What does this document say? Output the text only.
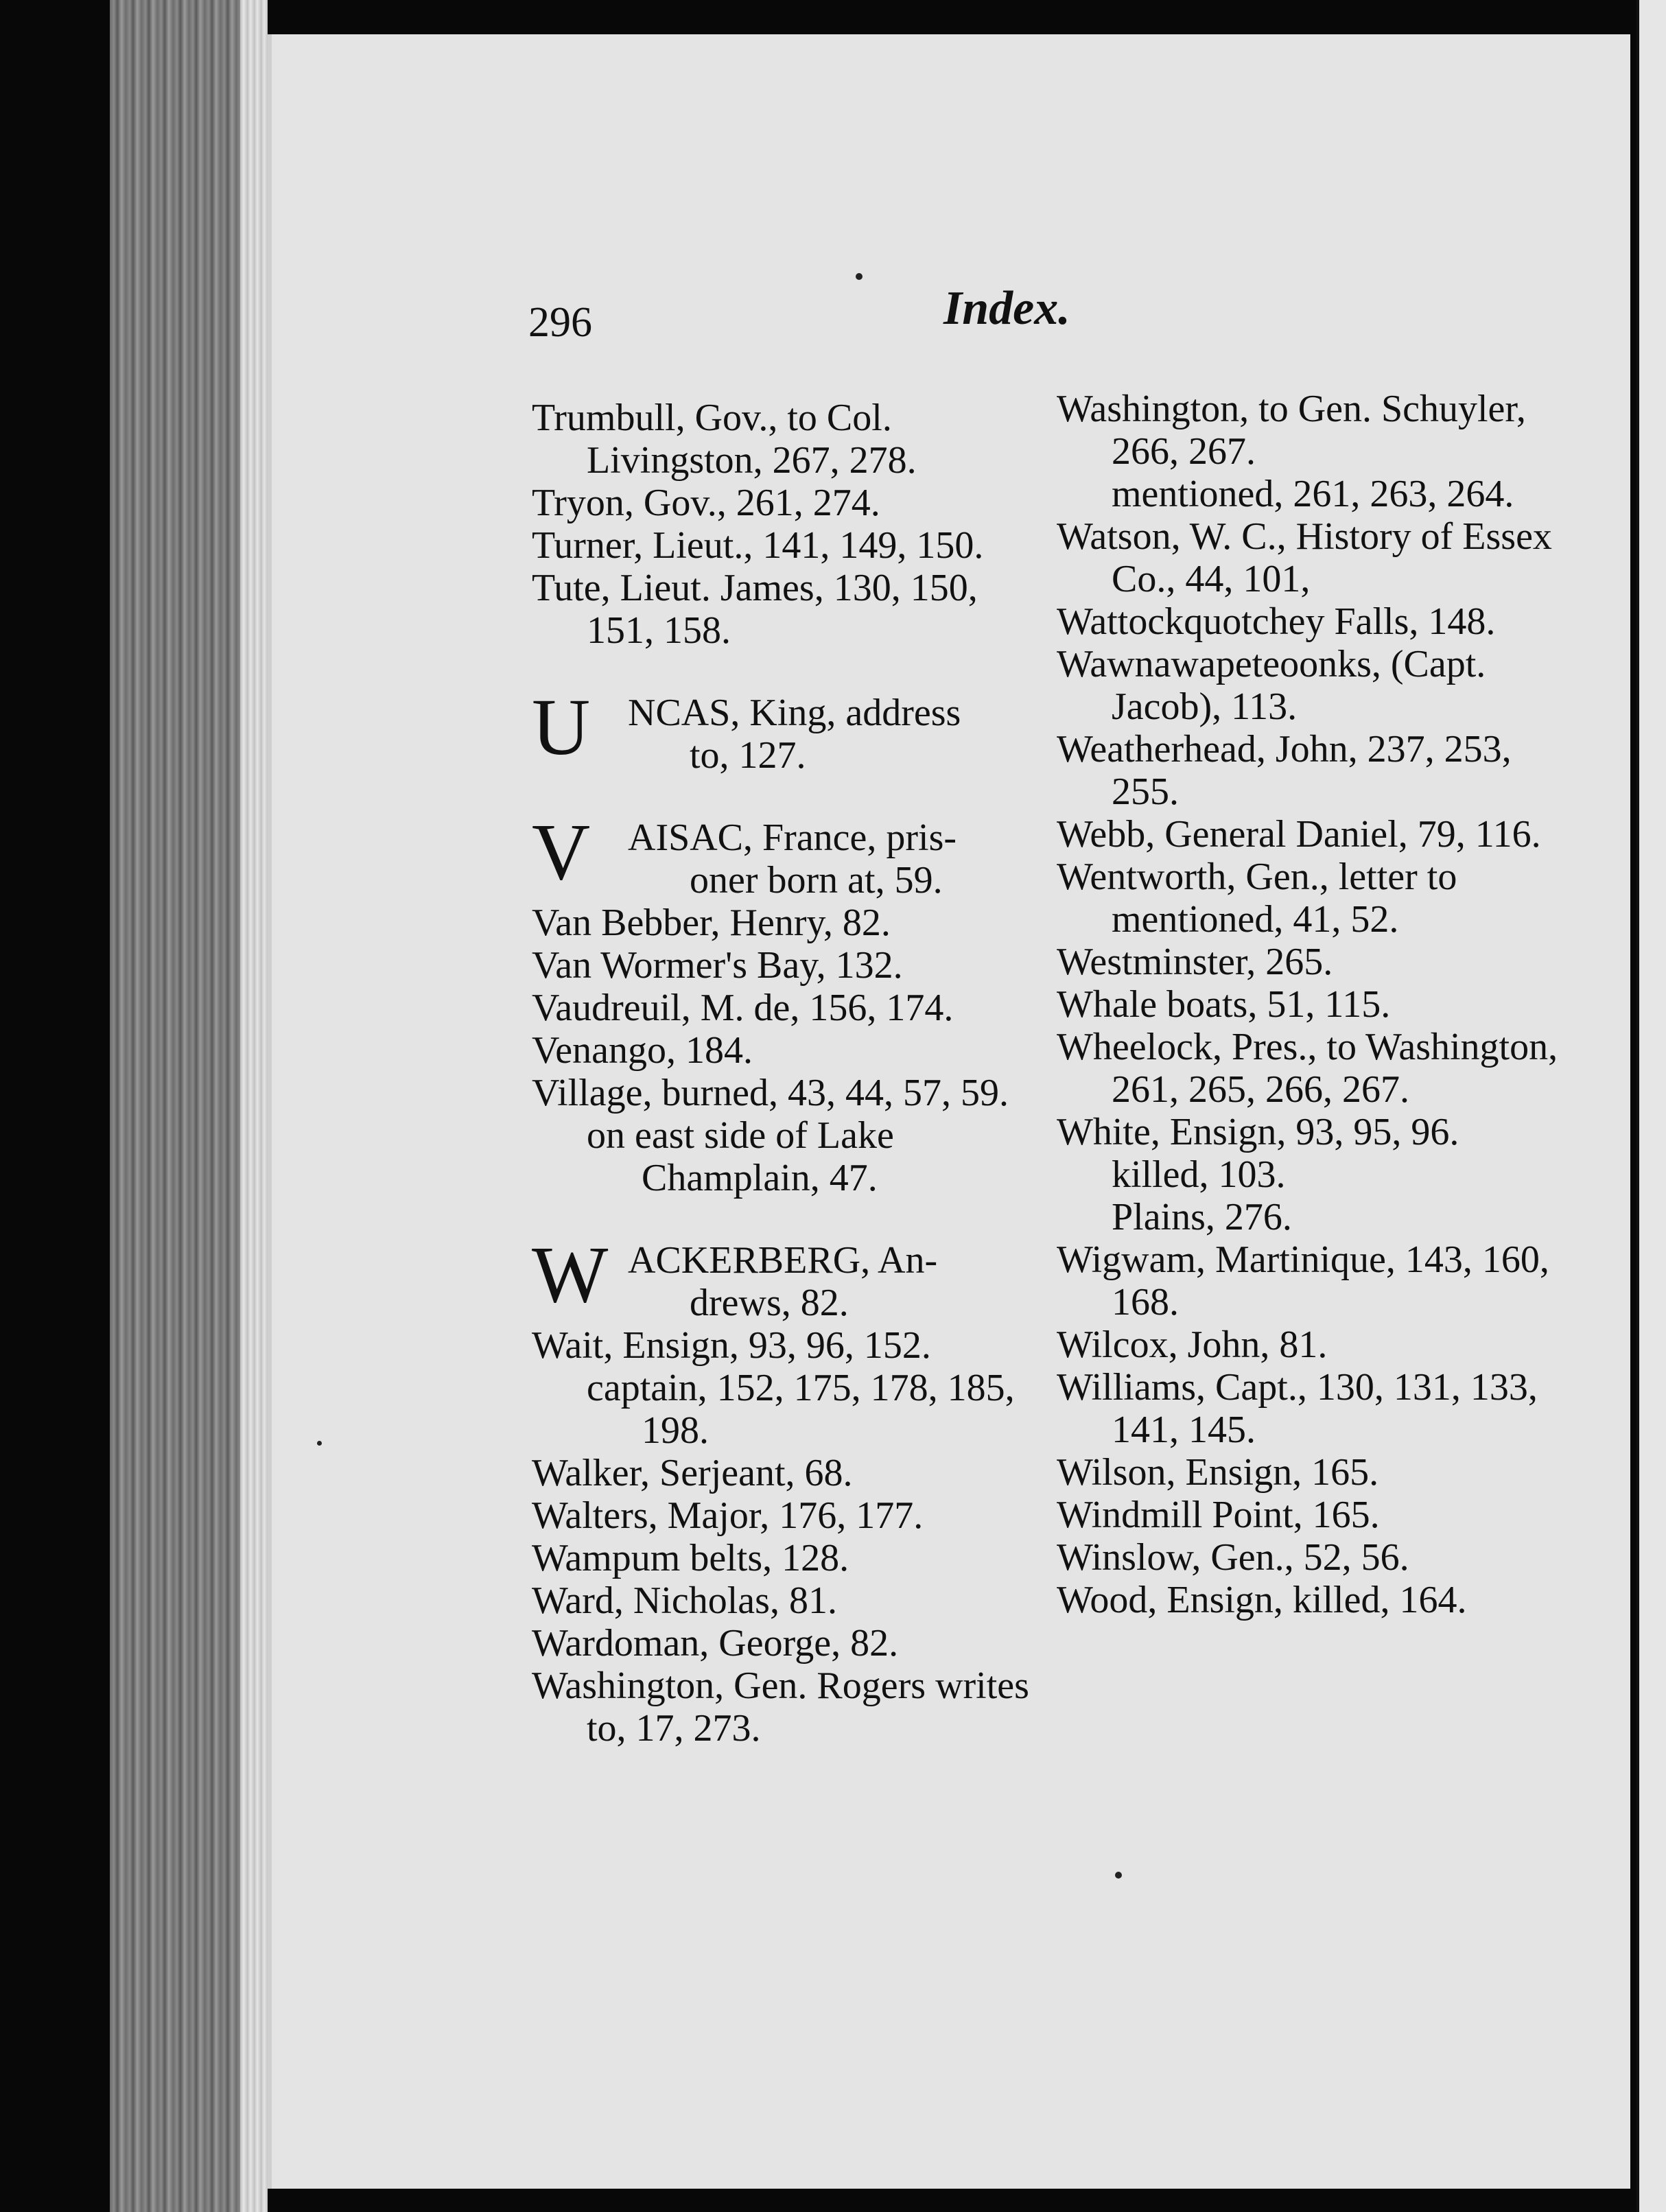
296	Index.

Trumbull, Gov., to Col. Livingston, 267, 278.

Tryon, Gov., 261, 274.

Turner, Lieut., 141, 149, 150.

Tute, Lieut. James, 130, 150, 151, 158.

U NCAS, King, address
to, 127.

V AISAC, France, pris-
oner born at, 59.

Van Bebber, Henry, 82.

Van Wormer's Bay, 132.

Vaudreuil, M. de, 156, 174.

Venango, 184.

Village, burned, 43, 44, 57, 59.

on east side of Lake Champlain, 47.

W ACKERBERG, An-
drews, 82.

Wait, Ensign, 93, 96, 152.

captain, 152, 175, 178, 185, 198.

Walker, Serjeant, 68.

Walters, Major, 176, 177.

Wampum belts, 128.

Ward, Nicholas, 81.

Wardoman, George, 82.

Washington, Gen. Rogers writes to, 17, 273.

Washington, to Gen. Schuyler, 266, 267.

mentioned, 261, 263, 264.

Watson, W. C., History of Essex Co., 44, 101,

Wattockquotchey Falls, 148.

Wawnawapeteoonks, (Capt. Jacob), 113.

Weatherhead, John, 237, 253, 255.

Webb, General Daniel, 79, 116.

Wentworth, Gen., letter to mentioned, 41, 52.

Westminster, 265.

Whale boats, 51, 115.

Wheelock, Pres., to Washington, 261, 265, 266, 267.

White, Ensign, 93, 95, 96.

killed, 103.

Plains, 276.

Wigwam, Martinique, 143, 160, 168.

Wilcox, John, 81.

Williams, Capt., 130, 131, 133, 141, 145.

Wilson, Ensign, 165.

Windmill Point, 165.

Winslow, Gen., 52, 56.

Wood, Ensign, killed, 164.
